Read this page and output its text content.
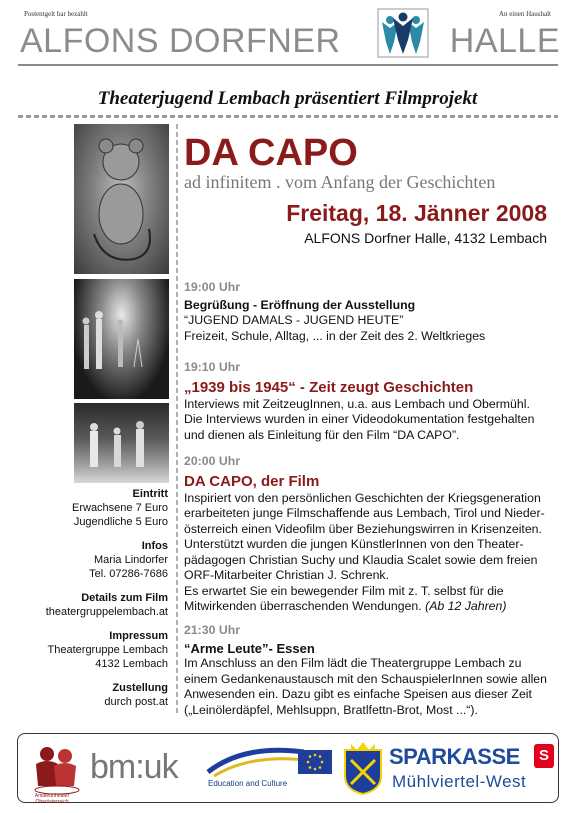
Postentgelt bar bezahlt	An einen Haushalt
ALFONS DORFNER	HALLE
Theaterjugend Lembach präsentiert Filmprojekt
DA CAPO
ad infinitem . vom Anfang der Geschichten
Freitag, 18. Jänner 2008
ALFONS Dorfner Halle, 4132 Lembach
19:00 Uhr
Begrüßung - Eröffnung der Ausstellung
“JUGEND DAMALS - JUGEND HEUTE”
Freizeit, Schule, Alltag, ... in der Zeit des 2. Weltkrieges
19:10 Uhr
„1939 bis 1945“ - Zeit zeugt Geschichten
Interviews mit ZeitzeugInnen, u.a. aus Lembach und Obermühl.
Die Interviews wurden in einer Videodokumentation festgehalten
und dienen als Einleitung für den Film “DA CAPO”.
20:00 Uhr
DA CAPO, der Film
Inspiriert von den persönlichen Geschichten der Kriegsgeneration
erarbeiteten junge Filmschaffende aus Lembach, Tirol und Nieder-
österreich einen Videofilm über Beziehungswirren in Krisenzeiten.
Unterstützt wurden die jungen KünstlerInnen von den Theater-
pädagogen Christian Suchy und Klaudia Scalet sowie dem freien
ORF-Mitarbeiter Christian J. Schrenk.
Es erwartet Sie ein bewegender Film mit z. T. selbst für die
Mitwirkenden überraschenden Wendungen. (Ab 12 Jahren)
21:30 Uhr
“Arme Leute”- Essen
Im Anschluss an den Film lädt die Theatergruppe Lembach zu
einem Gedankenaustausch mit den SchauspielerInnen sowie allen
Anwesenden ein. Dazu gibt es einfache Speisen aus dieser Zeit
(„Leinölerdäpfel, Mehlsuppn, Bratlfettn-Brot, Most ...“).
Eintritt
Erwachsene 7 Euro
Jugendliche 5 Euro
Infos
Maria Lindorfer
Tel. 07286-7686
Details zum Film
theatergruppelembach.at
Impressum
Theatergruppe Lembach
4132 Lembach
Zustellung
durch post.at
Amateurtheater Oberösterreich
bm:uk	Education and Culture
SPARKASSE	S
Mühlviertel-West
